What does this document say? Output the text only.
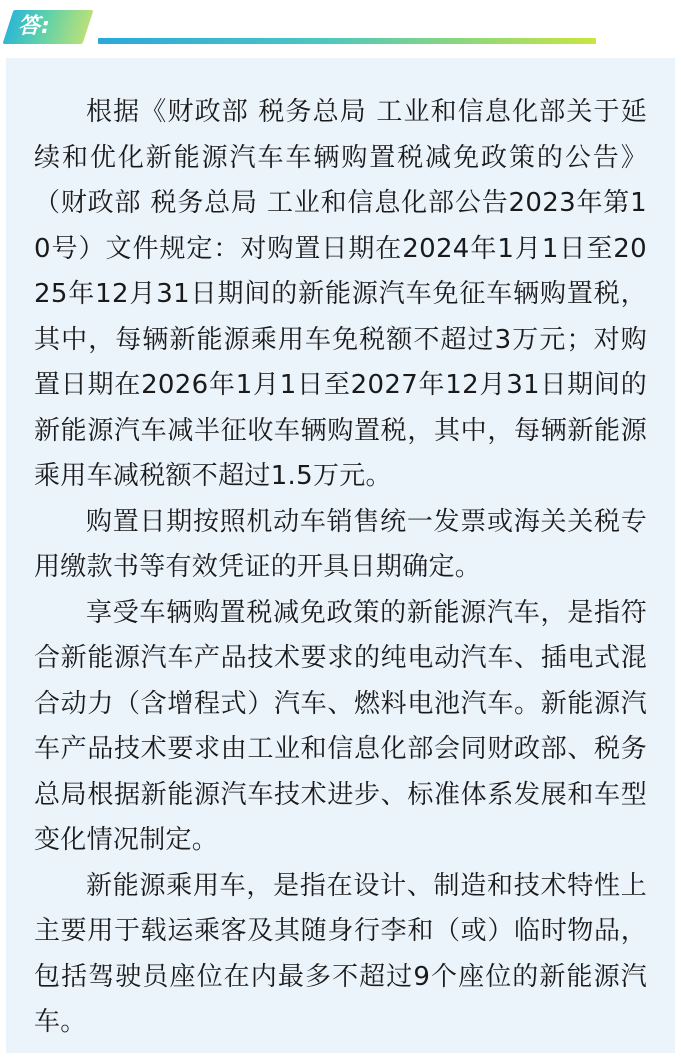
答:

根据《财政部 税务总局 工业和信息化部关于延续和优化新能源汽车车辆购置税减免政策的公告》（财政部 税务总局 工业和信息化部公告2023年第10号）文件规定：对购置日期在2024年1月1日至2025年12月31日期间的新能源汽车免征车辆购置税，其中，每辆新能源乘用车免税额不超过3万元；对购置日期在2026年1月1日至2027年12月31日期间的新能源汽车减半征收车辆购置税，其中，每辆新能源乘用车减税额不超过1.5万元。

购置日期按照机动车销售统一发票或海关关税专用缴款书等有效凭证的开具日期确定。

享受车辆购置税减免政策的新能源汽车，是指符合新能源汽车产品技术要求的纯电动汽车、插电式混合动力（含增程式）汽车、燃料电池汽车。新能源汽车产品技术要求由工业和信息化部会同财政部、税务总局根据新能源汽车技术进步、标准体系发展和车型变化情况制定。

新能源乘用车，是指在设计、制造和技术特性上主要用于载运乘客及其随身行李和（或）临时物品，包括驾驶员座位在内最多不超过9个座位的新能源汽车。
